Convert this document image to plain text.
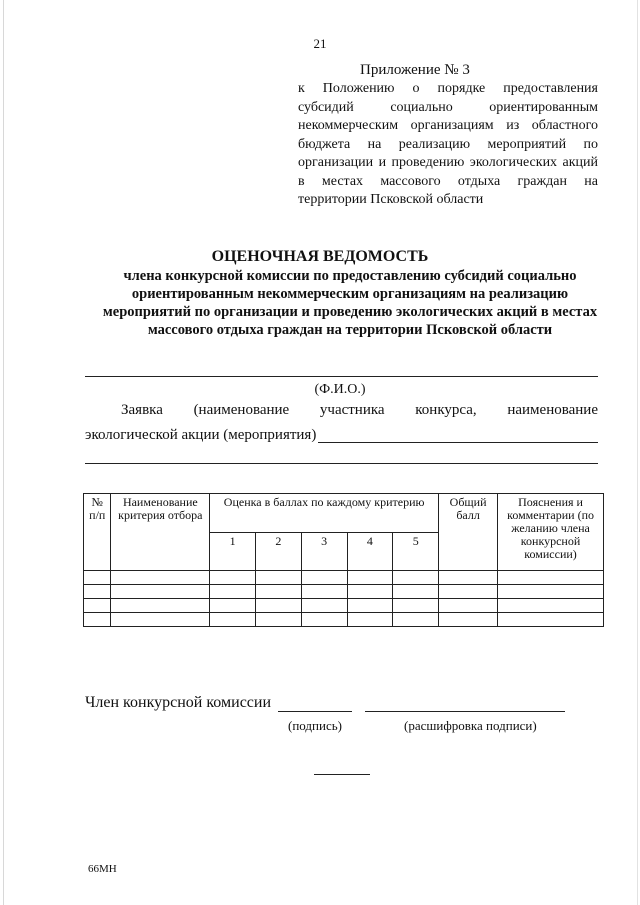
21
Приложение № 3
к Положению о порядке предоставления субсидий социально ориентированным некоммерческим организациям из областного бюджета на реализацию мероприятий по организации и проведению экологических акций в местах массового отдыха граждан на территории Псковской области
ОЦЕНОЧНАЯ ВЕДОМОСТЬ
члена конкурсной комиссии по предоставлению субсидий социально ориентированным некоммерческим организациям на реализацию мероприятий по организации и проведению экологических акций в местах массового отдыха граждан на территории Псковской области
(Ф.И.О.)
Заявка (наименование участника конкурса, наименование
экологической акции (мероприятия)
№ п/п	Наименование критерия отбора	Оценка в баллах по каждому критерию					Общий балл	Пояснения и комментарии (по желанию члена конкурсной комиссии)
		1	2	3	4	5		

Член конкурсной комиссии
(подпись)	(расшифровка подписи)
66МН
